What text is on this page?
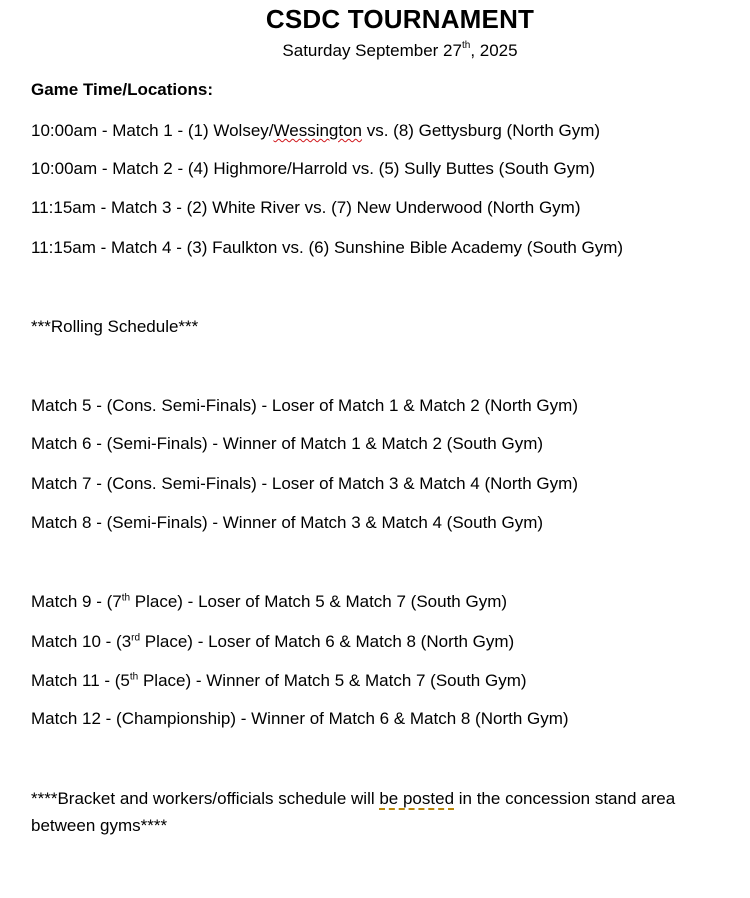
CSDC TOURNAMENT
Saturday September 27th, 2025
Game Time/Locations:
10:00am - Match 1 - (1) Wolsey/Wessington vs. (8) Gettysburg (North Gym)
10:00am - Match 2 - (4) Highmore/Harrold vs. (5) Sully Buttes (South Gym)
11:15am - Match 3 - (2) White River vs. (7) New Underwood (North Gym)
11:15am - Match 4 - (3) Faulkton vs. (6) Sunshine Bible Academy (South Gym)
***Rolling Schedule***
Match 5 - (Cons. Semi-Finals) - Loser of Match 1 & Match 2 (North Gym)
Match 6 - (Semi-Finals) - Winner of Match 1 & Match 2 (South Gym)
Match 7 - (Cons. Semi-Finals) - Loser of Match 3 & Match 4 (North Gym)
Match 8 - (Semi-Finals) - Winner of Match 3 & Match 4 (South Gym)
Match 9 - (7th Place) - Loser of Match 5 & Match 7 (South Gym)
Match 10 - (3rd Place) - Loser of Match 6 & Match 8 (North Gym)
Match 11 - (5th Place) - Winner of Match 5 & Match 7 (South Gym)
Match 12 - (Championship) - Winner of Match 6 & Match 8 (North Gym)
****Bracket and workers/officials schedule will be posted in the concession stand area between gyms****
